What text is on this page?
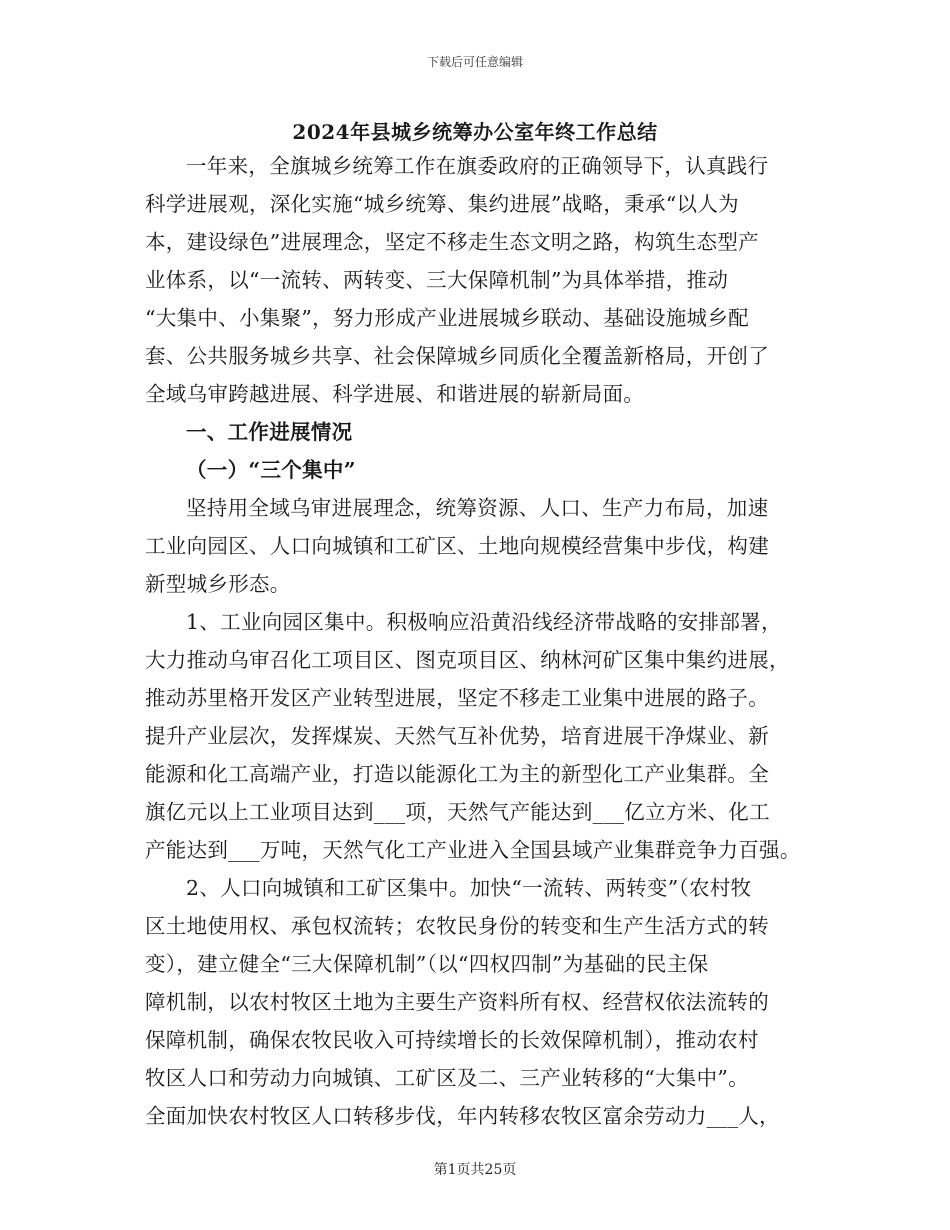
下载后可任意编辑
2024年县城乡统筹办公室年终工作总结
一年来，全旗城乡统筹工作在旗委政府的正确领导下，认真践行
科学进展观，深化实施“城乡统筹、集约进展”战略，秉承“以人为
本，建设绿色”进展理念，坚定不移走生态文明之路，构筑生态型产
业体系，以“一流转、两转变、三大保障机制”为具体举措，推动
“大集中、小集聚”，努力形成产业进展城乡联动、基础设施城乡配
套、公共服务城乡共享、社会保障城乡同质化全覆盖新格局，开创了
全域乌审跨越进展、科学进展、和谐进展的崭新局面。
一、工作进展情况
（一）“三个集中”
坚持用全域乌审进展理念，统筹资源、人口、生产力布局，加速
工业向园区、人口向城镇和工矿区、土地向规模经营集中步伐，构建
新型城乡形态。
1、工业向园区集中。积极响应沿黄沿线经济带战略的安排部署，
大力推动乌审召化工项目区、图克项目区、纳林河矿区集中集约进展，
推动苏里格开发区产业转型进展，坚定不移走工业集中进展的路子。
提升产业层次，发挥煤炭、天然气互补优势，培育进展干净煤业、新
能源和化工高端产业，打造以能源化工为主的新型化工产业集群。全
旗亿元以上工业项目达到___项，天然气产能达到___亿立方米、化工
产能达到___万吨，天然气化工产业进入全国县域产业集群竞争力百强。
2、人口向城镇和工矿区集中。加快“一流转、两转变”（农村牧
区土地使用权、承包权流转；农牧民身份的转变和生产生活方式的转
变），建立健全“三大保障机制”（以“四权四制”为基础的民主保
障机制，以农村牧区土地为主要生产资料所有权、经营权依法流转的
保障机制，确保农牧民收入可持续增长的长效保障机制），推动农村
牧区人口和劳动力向城镇、工矿区及二、三产业转移的“大集中”。
全面加快农村牧区人口转移步伐，年内转移农牧区富余劳动力___人，
第1页共25页
